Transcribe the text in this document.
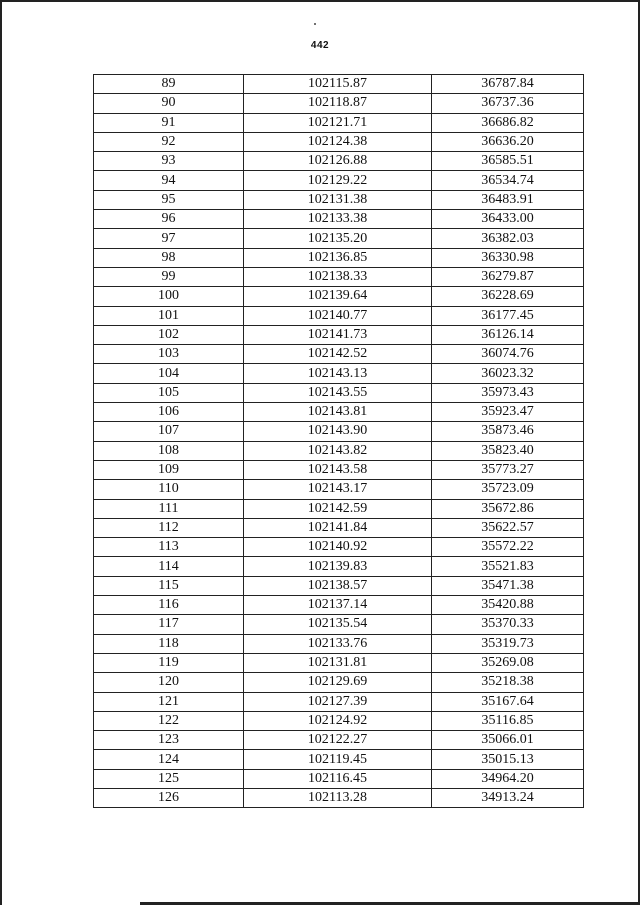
442
89	102115.87	36787.84
90	102118.87	36737.36
91	102121.71	36686.82
92	102124.38	36636.20
93	102126.88	36585.51
94	102129.22	36534.74
95	102131.38	36483.91
96	102133.38	36433.00
97	102135.20	36382.03
98	102136.85	36330.98
99	102138.33	36279.87
100	102139.64	36228.69
101	102140.77	36177.45
102	102141.73	36126.14
103	102142.52	36074.76
104	102143.13	36023.32
105	102143.55	35973.43
106	102143.81	35923.47
107	102143.90	35873.46
108	102143.82	35823.40
109	102143.58	35773.27
110	102143.17	35723.09
111	102142.59	35672.86
112	102141.84	35622.57
113	102140.92	35572.22
114	102139.83	35521.83
115	102138.57	35471.38
116	102137.14	35420.88
117	102135.54	35370.33
118	102133.76	35319.73
119	102131.81	35269.08
120	102129.69	35218.38
121	102127.39	35167.64
122	102124.92	35116.85
123	102122.27	35066.01
124	102119.45	35015.13
125	102116.45	34964.20
126	102113.28	34913.24
